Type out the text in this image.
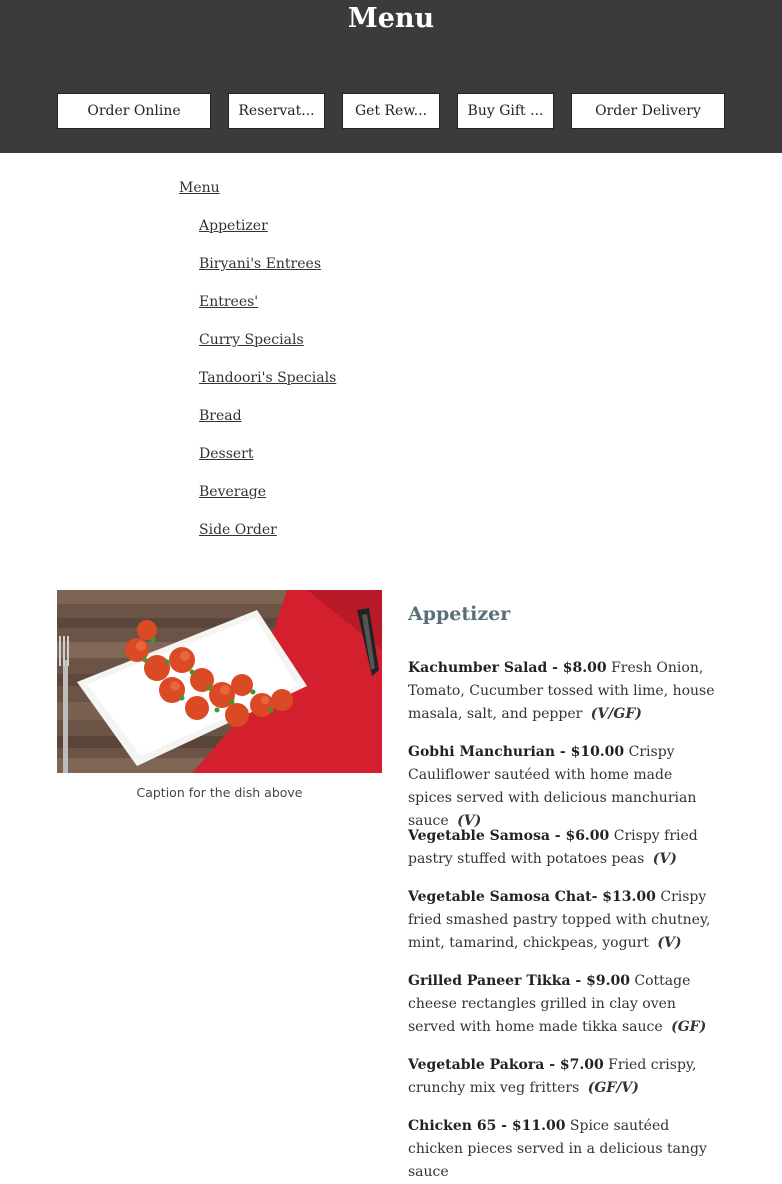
Menu
Order Online	Reservat...	Get Rew...	Buy Gift ...	Order Delivery
Menu
Appetizer
Biryani's Entrees
Entrees'
Curry Specials
Tandoori's Specials
Bread
Dessert
Beverage
Side Order
Caption for the dish above
Appetizer
Kachumber Salad - $8.00 Fresh Onion, Tomato, Cucumber tossed with lime, house masala, salt, and pepper (V/GF)
Gobhi Manchurian - $10.00 Crispy Cauliflower sautéed with home made spices served with delicious manchurian sauce (V)
Vegetable Samosa - $6.00 Crispy fried pastry stuffed with potatoes peas (V)
Vegetable Samosa Chat- $13.00 Crispy fried smashed pastry topped with chutney, mint, tamarind, chickpeas, yogurt (V)
Grilled Paneer Tikka - $9.00 Cottage cheese rectangles grilled in clay oven served with home made tikka sauce (GF)
Vegetable Pakora - $7.00 Fried crispy, crunchy mix veg fritters (GF/V)
Chicken 65 - $11.00 Spice sautéed chicken pieces served in a delicious tangy sauce
